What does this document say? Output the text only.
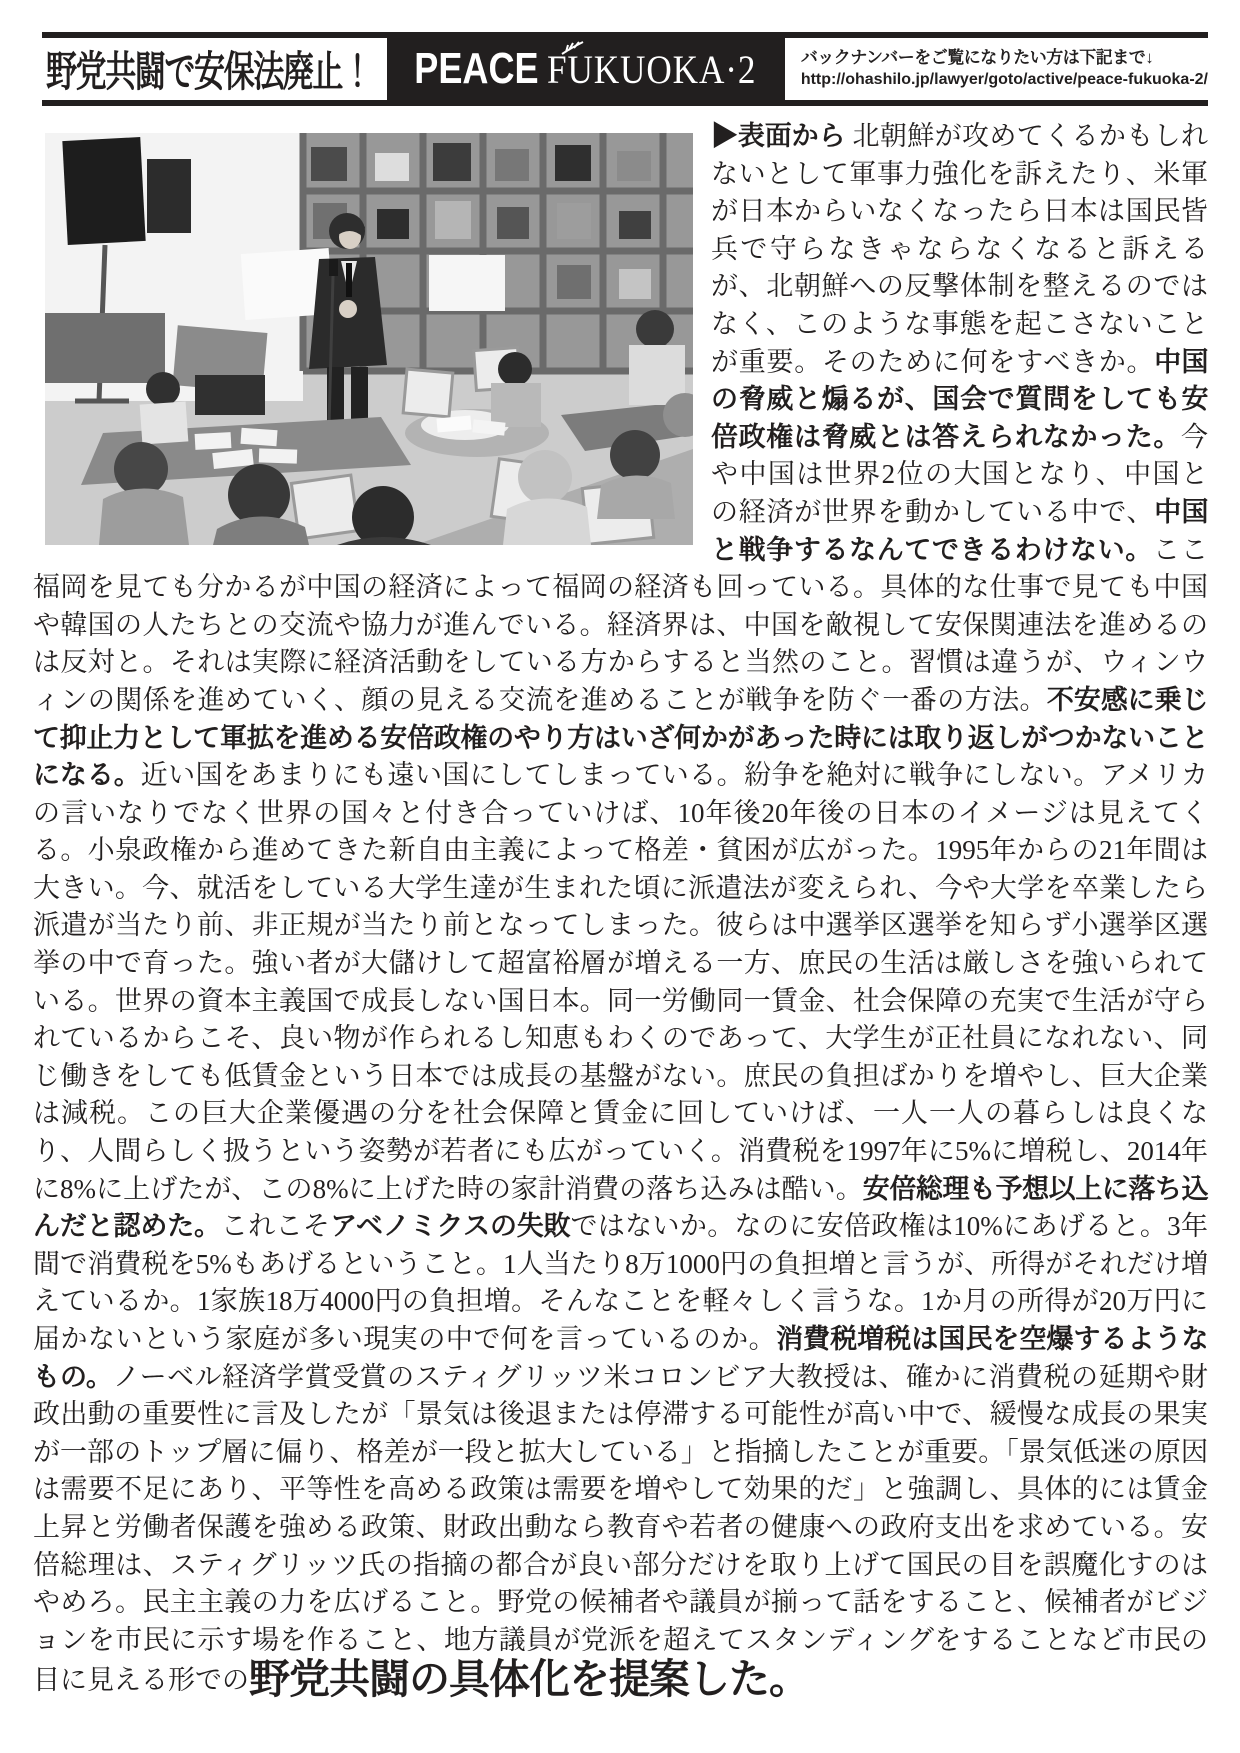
野党共闘で安保法廃止！ PEACE FUKUOKA·2	バックナンバーをご覧になりたい方は下記まで↓
http://ohashilo.jp/lawyer/goto/active/peace-fukuoka-2/
▶表面から 北朝鮮が攻めてくるかもしれないとして軍事力強化を訴えたり、米軍が日本からいなくなったら日本は国民皆兵で守らなきゃならなくなると訴えるが、北朝鮮への反撃体制を整えるのではなく、このような事態を起こさないことが重要。そのために何をすべきか。中国の脅威と煽るが、国会で質問をしても安倍政権は脅威とは答えられなかった。今や中国は世界2位の大国となり、中国との経済が世界を動かしている中で、中国と戦争するなんてできるわけない。ここ福岡を見ても分かるが中国の経済によって福岡の経済も回っている。具体的な仕事で見ても中国や韓国の人たちとの交流や協力が進んでいる。経済界は、中国を敵視して安保関連法を進めるのは反対と。それは実際に経済活動をしている方からすると当然のこと。習慣は違うが、ウィンウィンの関係を進めていく、顔の見える交流を進めることが戦争を防ぐ一番の方法。不安感に乗じて抑止力として軍拡を進める安倍政権のやり方はいざ何かがあった時には取り返しがつかないことになる。近い国をあまりにも遠い国にしてしまっている。紛争を絶対に戦争にしない。アメリカの言いなりでなく世界の国々と付き合っていけば、10年後20年後の日本のイメージは見えてくる。小泉政権から進めてきた新自由主義によって格差・貧困が広がった。1995年からの21年間は大きい。今、就活をしている大学生達が生まれた頃に派遣法が変えられ、今や大学を卒業したら派遣が当たり前、非正規が当たり前となってしまった。彼らは中選挙区選挙を知らず小選挙区選挙の中で育った。強い者が大儲けして超富裕層が増える一方、庶民の生活は厳しさを強いられている。世界の資本主義国で成長しない国日本。同一労働同一賃金、社会保障の充実で生活が守られているからこそ、良い物が作られるし知恵もわくのであって、大学生が正社員になれない、同じ働きをしても低賃金という日本では成長の基盤がない。庶民の負担ばかりを増やし、巨大企業は減税。この巨大企業優遇の分を社会保障と賃金に回していけば、一人一人の暮らしは良くなり、人間らしく扱うという姿勢が若者にも広がっていく。消費税を1997年に5%に増税し、2014年に8%に上げたが、この8%に上げた時の家計消費の落ち込みは酷い。安倍総理も予想以上に落ち込んだと認めた。これこそアベノミクスの失敗ではないか。なのに安倍政権は10%にあげると。3年間で消費税を5%もあげるということ。1人当たり8万1000円の負担増と言うが、所得がそれだけ増えているか。1家族18万4000円の負担増。そんなことを軽々しく言うな。1か月の所得が20万円に届かないという家庭が多い現実の中で何を言っているのか。消費税増税は国民を空爆するようなもの。ノーベル経済学賞受賞のスティグリッツ米コロンビア大教授は、確かに消費税の延期や財政出動の重要性に言及したが「景気は後退または停滞する可能性が高い中で、緩慢な成長の果実が一部のトップ層に偏り、格差が一段と拡大している」と指摘したことが重要。「景気低迷の原因は需要不足にあり、平等性を高める政策は需要を増やして効果的だ」と強調し、具体的には賃金上昇と労働者保護を強める政策、財政出動なら教育や若者の健康への政府支出を求めている。安倍総理は、スティグリッツ氏の指摘の都合が良い部分だけを取り上げて国民の目を誤魔化すのはやめろ。民主主義の力を広げること。野党の候補者や議員が揃って話をすること、候補者がビジョンを市民に示す場を作ること、地方議員が党派を超えてスタンディングをすることなど市民の目に見える形での野党共闘の具体化を提案した。
